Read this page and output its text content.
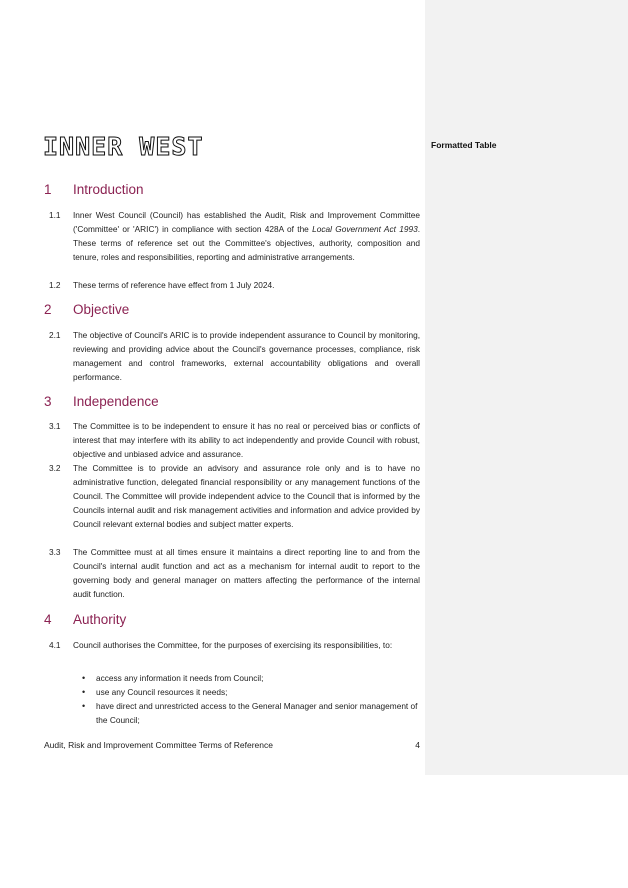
Formatted Table
INNER WEST
1 Introduction
1.1 Inner West Council (Council) has established the Audit, Risk and Improvement Committee ('Committee' or 'ARIC') in compliance with section 428A of the Local Government Act 1993. These terms of reference set out the Committee's objectives, authority, composition and tenure, roles and responsibilities, reporting and administrative arrangements.
1.2 These terms of reference have effect from 1 July 2024.
2 Objective
2.1 The objective of Council's ARIC is to provide independent assurance to Council by monitoring, reviewing and providing advice about the Council's governance processes, compliance, risk management and control frameworks, external accountability obligations and overall performance.
3 Independence
3.1 The Committee is to be independent to ensure it has no real or perceived bias or conflicts of interest that may interfere with its ability to act independently and provide Council with robust, objective and unbiased advice and assurance.
3.2 The Committee is to provide an advisory and assurance role only and is to have no administrative function, delegated financial responsibility or any management functions of the Council. The Committee will provide independent advice to the Council that is informed by the Councils internal audit and risk management activities and information and advice provided by Council relevant external bodies and subject matter experts.
3.3 The Committee must at all times ensure it maintains a direct reporting line to and from the Council's internal audit function and act as a mechanism for internal audit to report to the governing body and general manager on matters affecting the performance of the internal audit function.
4 Authority
4.1 Council authorises the Committee, for the purposes of exercising its responsibilities, to:
• access any information it needs from Council;
• use any Council resources it needs;
• have direct and unrestricted access to the General Manager and senior management of the Council;
Audit, Risk and Improvement Committee Terms of Reference	4
